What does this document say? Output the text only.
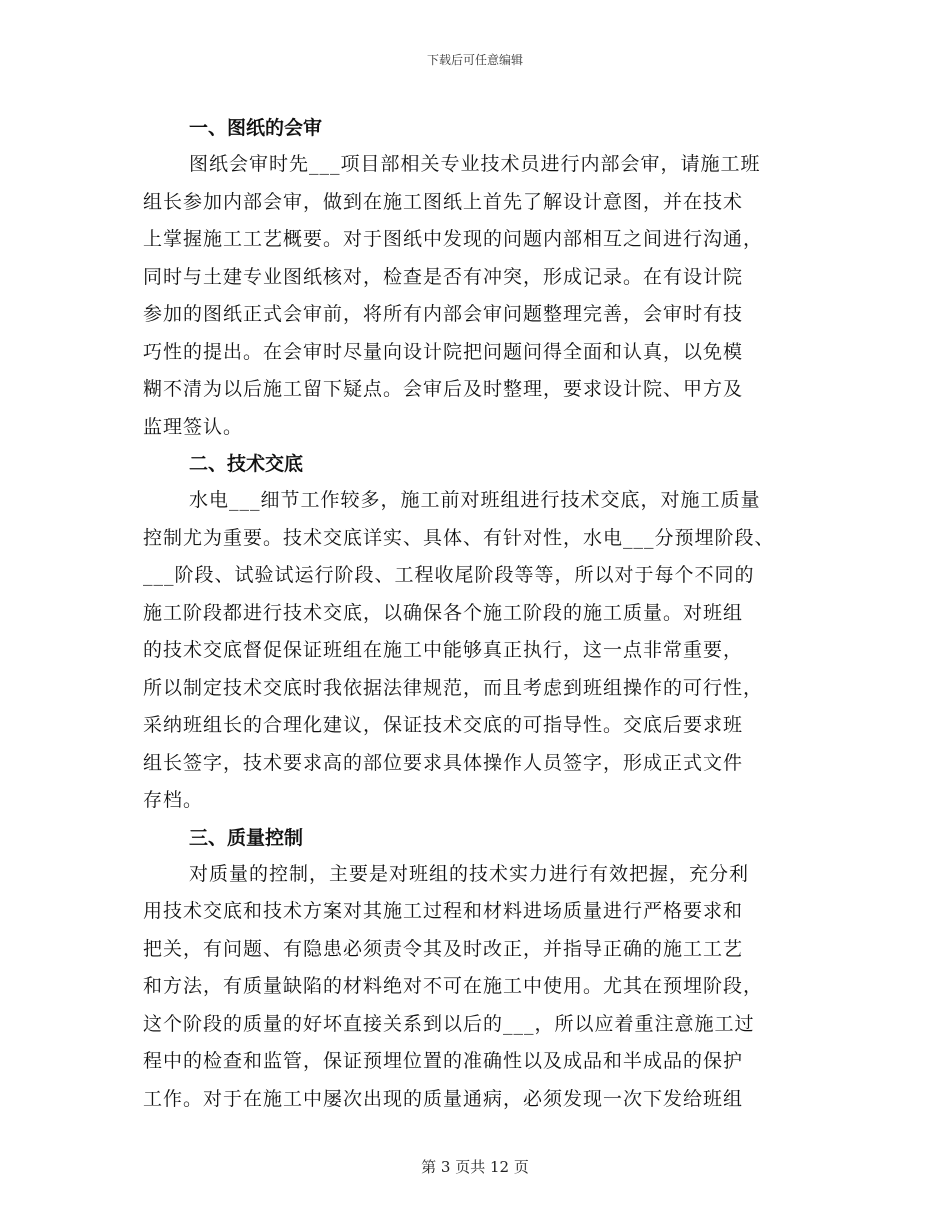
下载后可任意编辑
一、图纸的会审
图纸会审时先___项目部相关专业技术员进行内部会审，请施工班
组长参加内部会审，做到在施工图纸上首先了解设计意图，并在技术
上掌握施工工艺概要。对于图纸中发现的问题内部相互之间进行沟通，
同时与土建专业图纸核对，检查是否有冲突，形成记录。在有设计院
参加的图纸正式会审前，将所有内部会审问题整理完善，会审时有技
巧性的提出。在会审时尽量向设计院把问题问得全面和认真，以免模
糊不清为以后施工留下疑点。会审后及时整理，要求设计院、甲方及
监理签认。
二、技术交底
水电___细节工作较多，施工前对班组进行技术交底，对施工质量
控制尤为重要。技术交底详实、具体、有针对性，水电___分预埋阶段、
___阶段、试验试运行阶段、工程收尾阶段等等，所以对于每个不同的
施工阶段都进行技术交底，以确保各个施工阶段的施工质量。对班组
的技术交底督促保证班组在施工中能够真正执行，这一点非常重要，
所以制定技术交底时我依据法律规范，而且考虑到班组操作的可行性，
采纳班组长的合理化建议，保证技术交底的可指导性。交底后要求班
组长签字，技术要求高的部位要求具体操作人员签字，形成正式文件
存档。
三、质量控制
对质量的控制，主要是对班组的技术实力进行有效把握，充分利
用技术交底和技术方案对其施工过程和材料进场质量进行严格要求和
把关，有问题、有隐患必须责令其及时改正，并指导正确的施工工艺
和方法，有质量缺陷的材料绝对不可在施工中使用。尤其在预埋阶段，
这个阶段的质量的好坏直接关系到以后的___，所以应着重注意施工过
程中的检查和监管，保证预埋位置的准确性以及成品和半成品的保护
工作。对于在施工中屡次出现的质量通病，必须发现一次下发给班组
第 3 页共 12 页
